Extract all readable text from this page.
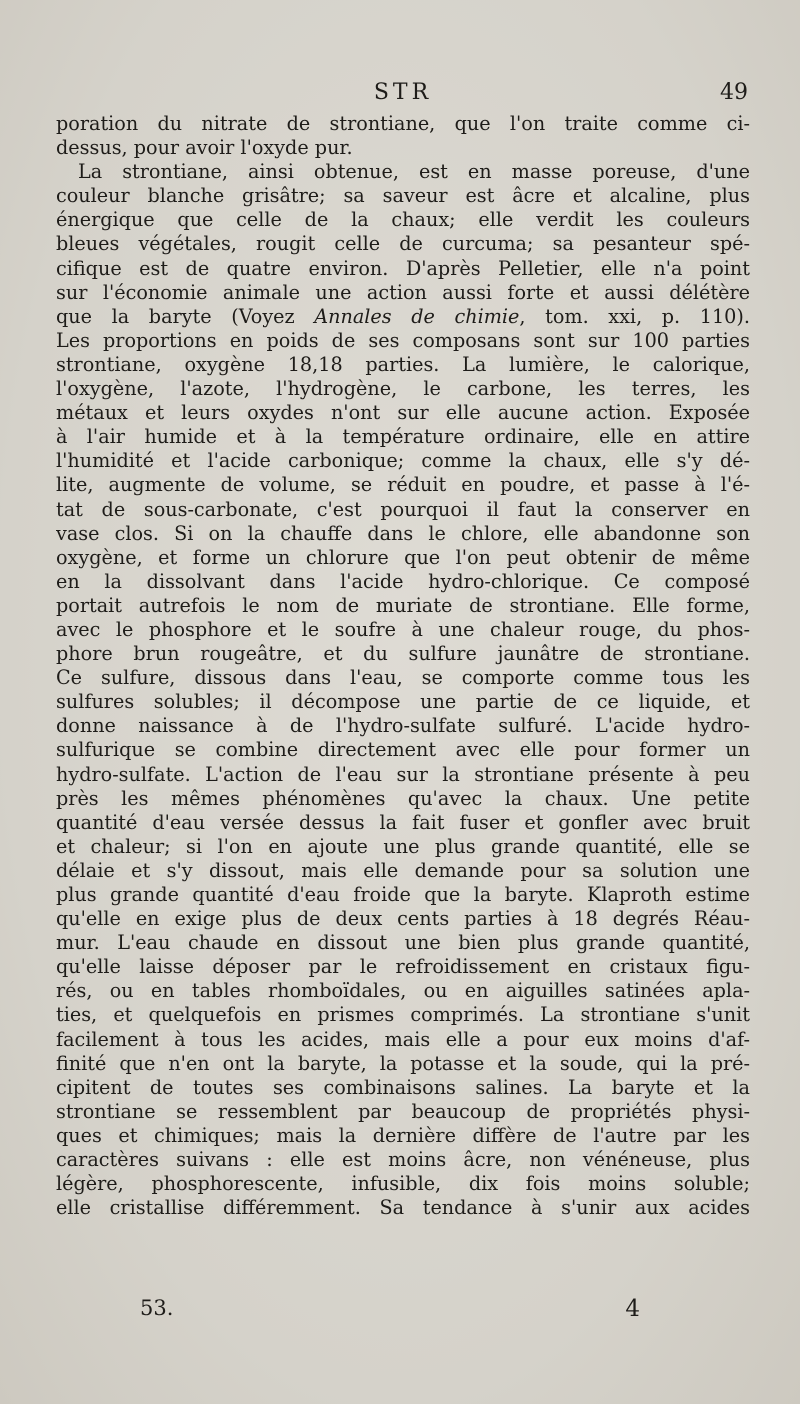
STR	49
poration du nitrate de strontiane, que l'on traite comme ci-
dessus, pour avoir l'oxyde pur.
La strontiane, ainsi obtenue, est en masse poreuse, d'une
couleur blanche grisâtre; sa saveur est âcre et alcaline, plus
énergique que celle de la chaux; elle verdit les couleurs
bleues végétales, rougit celle de curcuma; sa pesanteur spé-
cifique est de quatre environ. D'après Pelletier, elle n'a point
sur l'économie animale une action aussi forte et aussi délétère
que la baryte (Voyez Annales de chimie, tom. xxi, p. 110).
Les proportions en poids de ses composans sont sur 100 parties
strontiane, oxygène 18,18 parties. La lumière, le calorique,
l'oxygène, l'azote, l'hydrogène, le carbone, les terres, les
métaux et leurs oxydes n'ont sur elle aucune action. Exposée
à l'air humide et à la température ordinaire, elle en attire
l'humidité et l'acide carbonique; comme la chaux, elle s'y dé-
lite, augmente de volume, se réduit en poudre, et passe à l'é-
tat de sous-carbonate, c'est pourquoi il faut la conserver en
vase clos. Si on la chauffe dans le chlore, elle abandonne son
oxygène, et forme un chlorure que l'on peut obtenir de même
en la dissolvant dans l'acide hydro-chlorique. Ce composé
portait autrefois le nom de muriate de strontiane. Elle forme,
avec le phosphore et le soufre à une chaleur rouge, du phos-
phore brun rougeâtre, et du sulfure jaunâtre de strontiane.
Ce sulfure, dissous dans l'eau, se comporte comme tous les
sulfures solubles; il décompose une partie de ce liquide, et
donne naissance à de l'hydro-sulfate sulfuré. L'acide hydro-
sulfurique se combine directement avec elle pour former un
hydro-sulfate. L'action de l'eau sur la strontiane présente à peu
près les mêmes phénomènes qu'avec la chaux. Une petite
quantité d'eau versée dessus la fait fuser et gonfler avec bruit
et chaleur; si l'on en ajoute une plus grande quantité, elle se
délaie et s'y dissout, mais elle demande pour sa solution une
plus grande quantité d'eau froide que la baryte. Klaproth estime
qu'elle en exige plus de deux cents parties à 18 degrés Réau-
mur. L'eau chaude en dissout une bien plus grande quantité,
qu'elle laisse déposer par le refroidissement en cristaux figu-
rés, ou en tables rhomboïdales, ou en aiguilles satinées apla-
ties, et quelquefois en prismes comprimés. La strontiane s'unit
facilement à tous les acides, mais elle a pour eux moins d'af-
finité que n'en ont la baryte, la potasse et la soude, qui la pré-
cipitent de toutes ses combinaisons salines. La baryte et la
strontiane se ressemblent par beaucoup de propriétés physi-
ques et chimiques; mais la dernière diffère de l'autre par les
caractères suivans : elle est moins âcre, non vénéneuse, plus
légère, phosphorescente, infusible, dix fois moins soluble;
elle cristallise différemment. Sa tendance à s'unir aux acides
53.	4
